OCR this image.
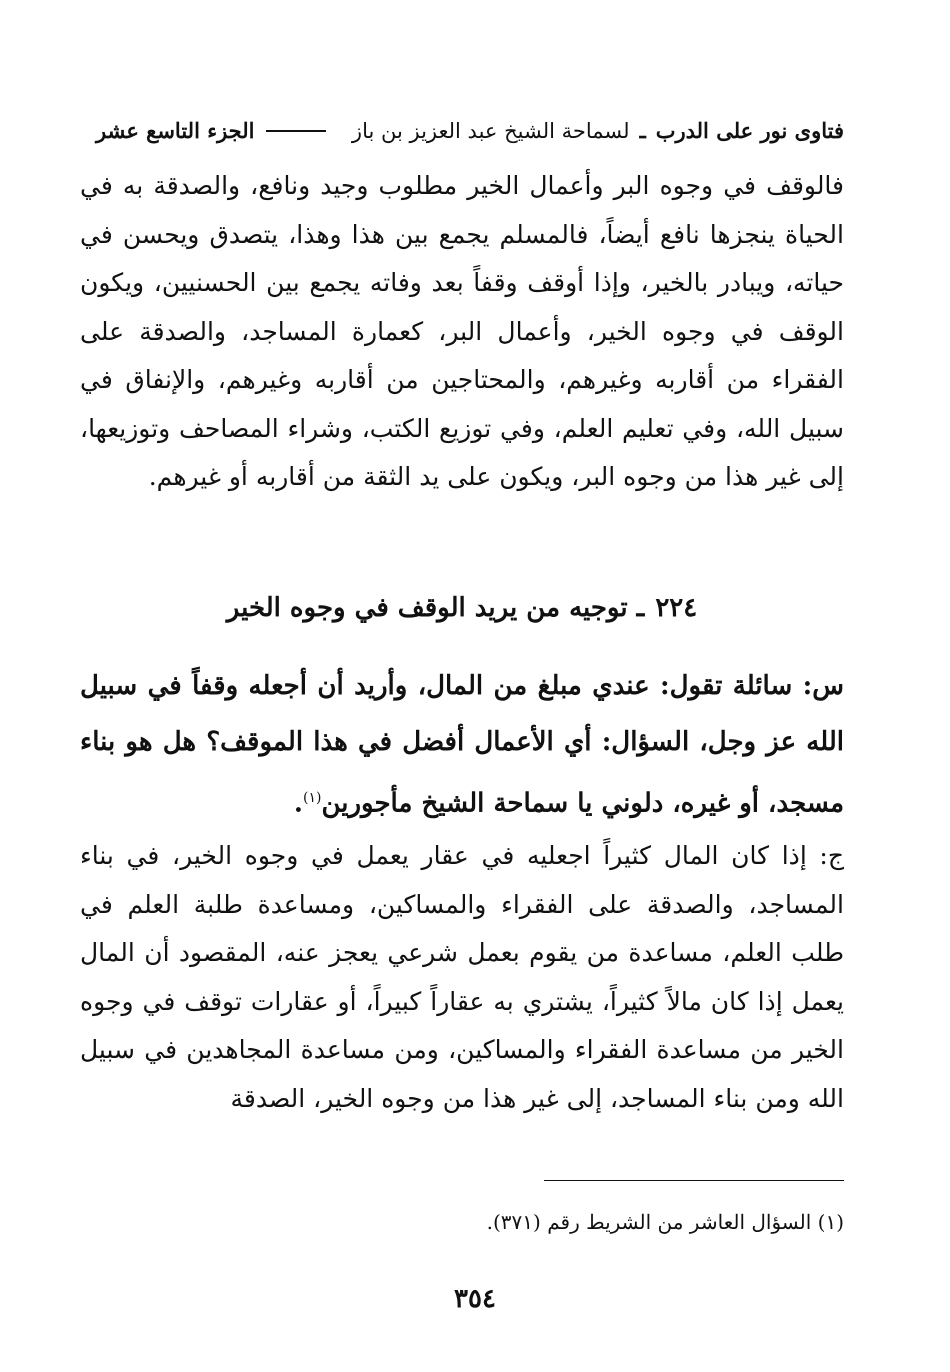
فتاوى نور على الدرب
ـ
لسماحة الشيخ عبد العزيز بن باز
الجزء التاسع عشر

فالوقف في وجوه البر وأعمال الخير مطلوب وجيد ونافع، والصدقة به في الحياة ينجزها نافع أيضاً، فالمسلم يجمع بين هذا وهذا، يتصدق ويحسن في حياته، ويبادر بالخير، وإذا أوقف وقفاً بعد وفاته يجمع بين الحسنيين، ويكون الوقف في وجوه الخير، وأعمال البر، كعمارة المساجد، والصدقة على الفقراء من أقاربه وغيرهم، والمحتاجين من أقاربه وغيرهم، والإنفاق في سبيل الله، وفي تعليم العلم، وفي توزيع الكتب، وشراء المصاحف وتوزيعها، إلى غير هذا من وجوه البر، ويكون على يد الثقة من أقاربه أو غيرهم.

٢٢٤ ـ توجيه من يريد الوقف في وجوه الخير

س: سائلة تقول: عندي مبلغ من المال، وأريد أن أجعله وقفاً في سبيل الله عز وجل، السؤال: أي الأعمال أفضل في هذا الموقف؟ هل هو بناء مسجد، أو غيره، دلوني يا سماحة الشيخ مأجورين$^{(١)}$.

ج: إذا كان المال كثيراً اجعليه في عقار يعمل في وجوه الخير، في بناء المساجد، والصدقة على الفقراء والمساكين، ومساعدة طلبة العلم في طلب العلم، مساعدة من يقوم بعمل شرعي يعجز عنه، المقصود أن المال يعمل إذا كان مالاً كثيراً، يشتري به عقاراً كبيراً، أو عقارات توقف في وجوه الخير من مساعدة الفقراء والمساكين، ومن مساعدة المجاهدين في سبيل الله ومن بناء المساجد، إلى غير هذا من وجوه الخير، الصدقة

(١) السؤال العاشر من الشريط رقم (٣٧١).
٣٥٤
